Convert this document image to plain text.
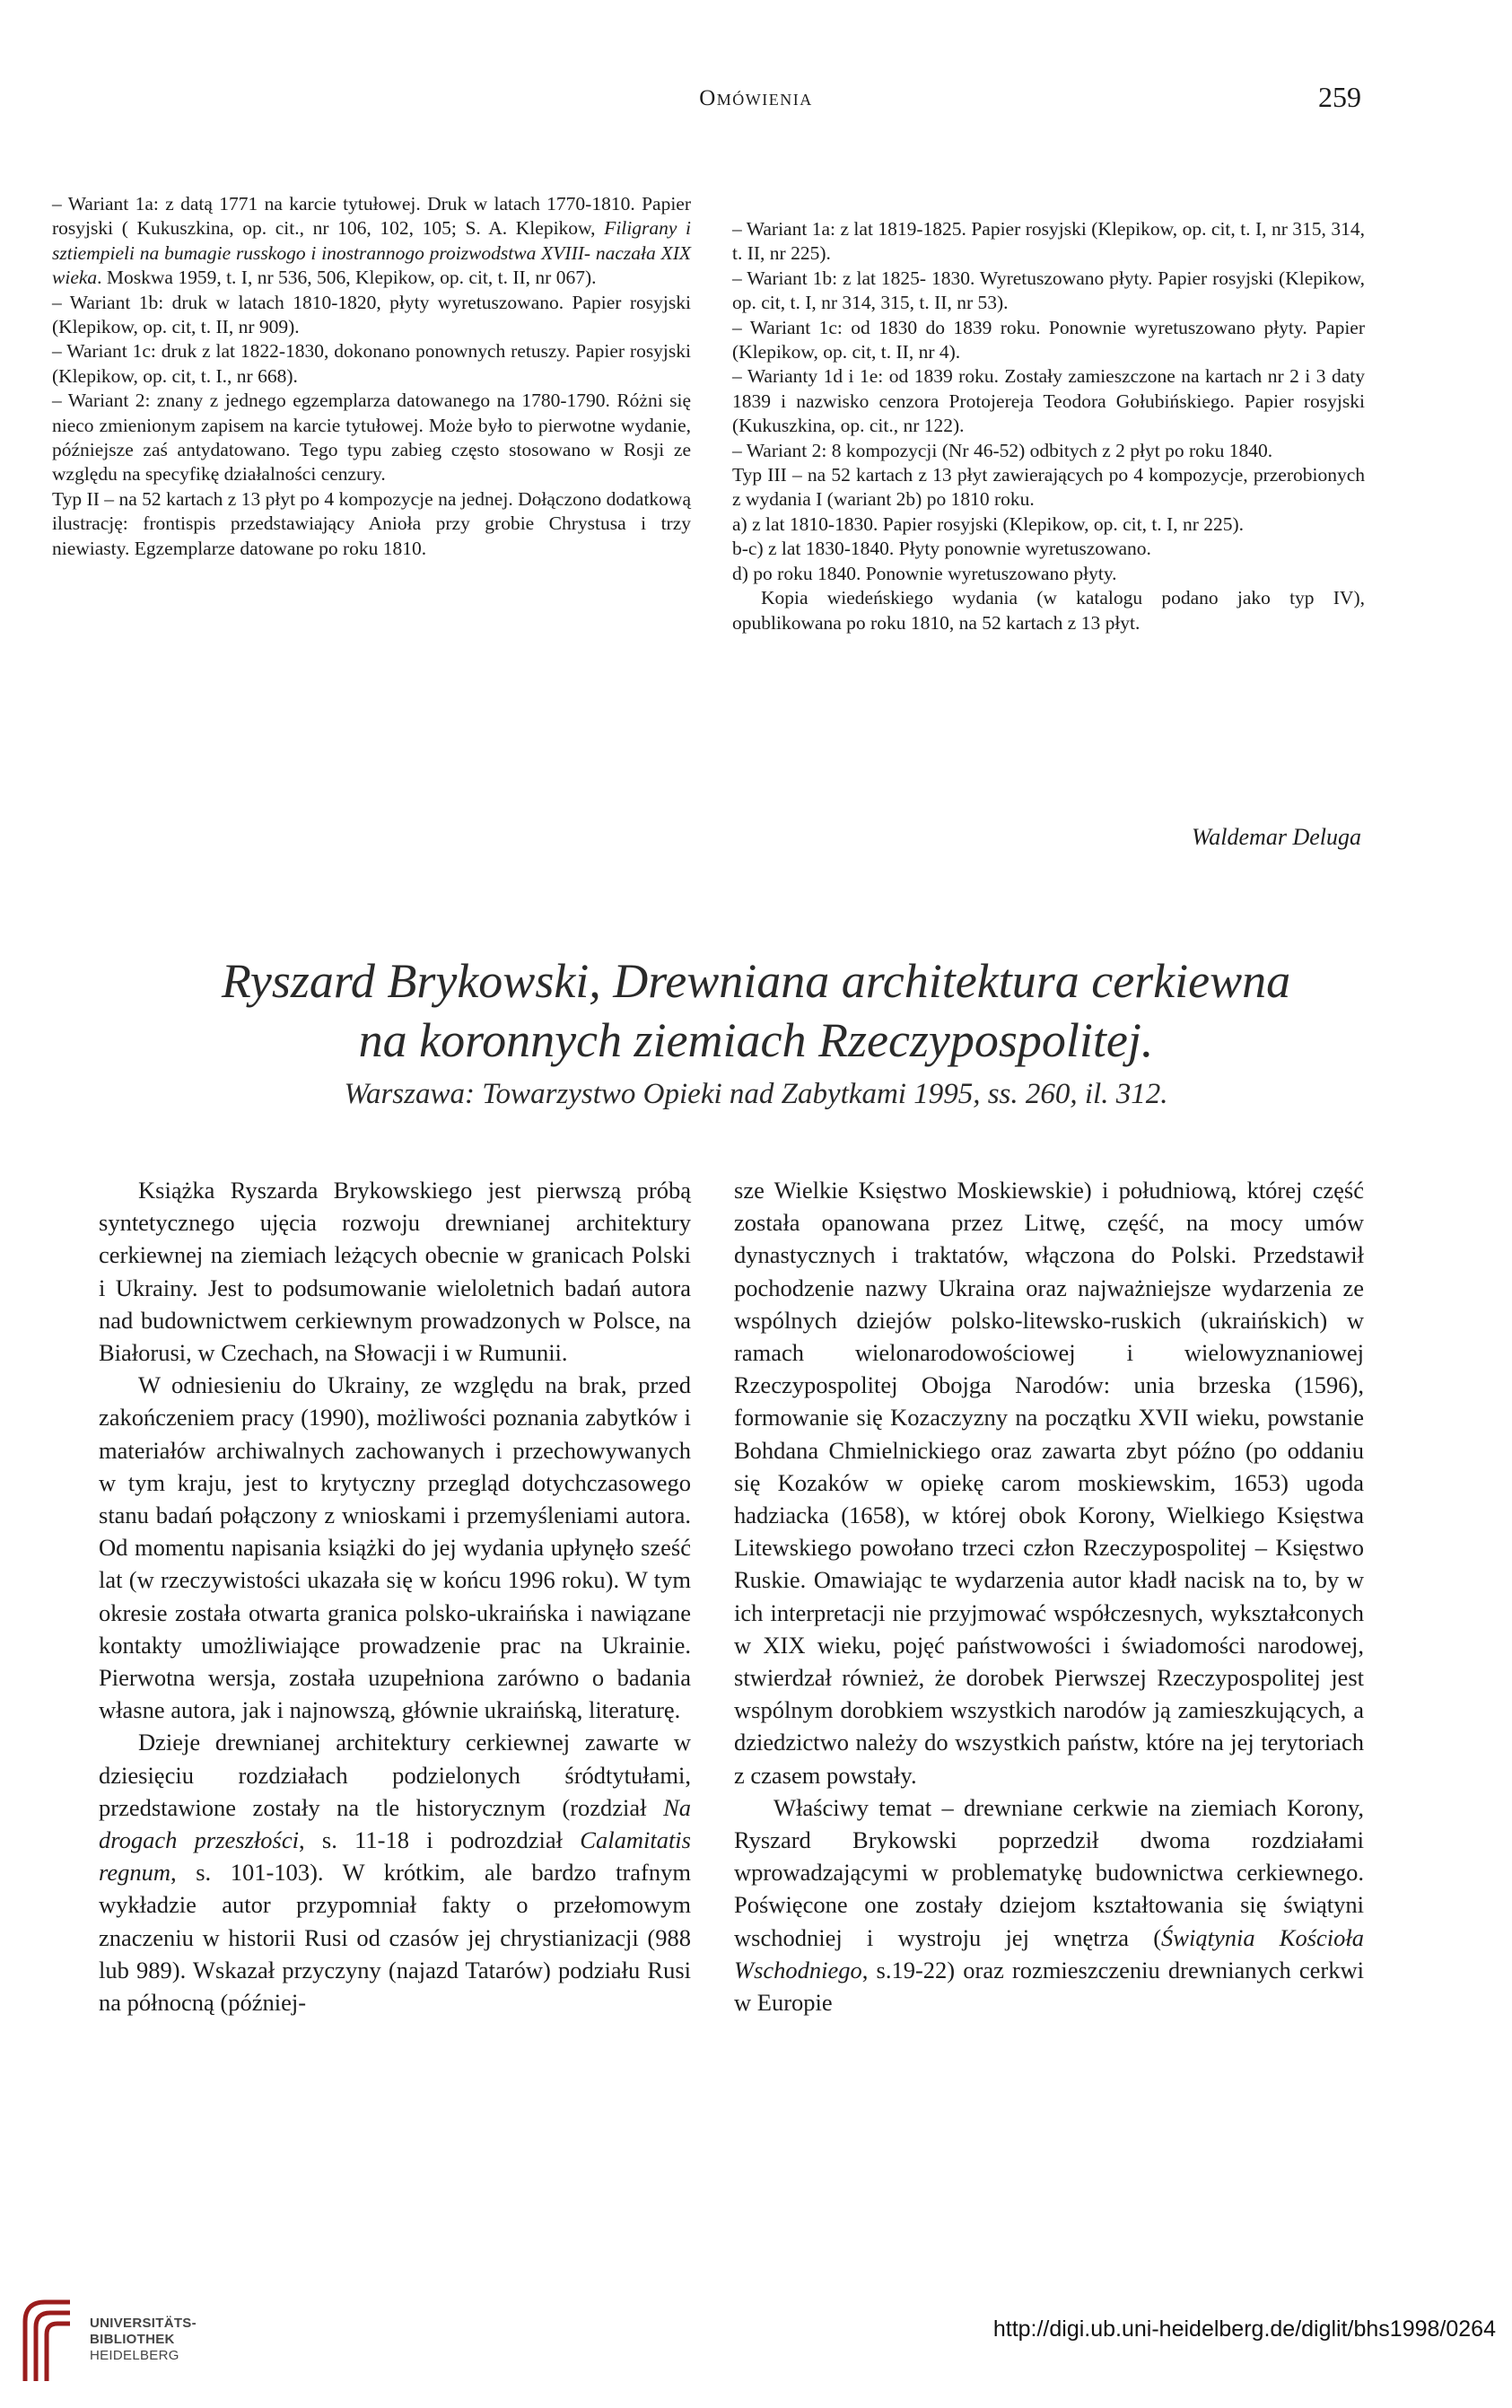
Omówienia	259

– Wariant 1a: z datą 1771 na karcie tytułowej. Druk w latach 1770-1810. Papier rosyjski ( Kukuszkina, op. cit., nr 106, 102, 105; S. A. Klepikow, Filigrany i sztiempieli na bumagie russkogo i inostrannogo proizwodstwa XVIII- naczała XIX wieka. Moskwa 1959, t. I, nr 536, 506, Klepikow, op. cit, t. II, nr 067).

– Wariant 1b: druk w latach 1810-1820, płyty wyretuszowano. Papier rosyjski (Klepikow, op. cit, t. II, nr 909).

– Wariant 1c: druk z lat 1822-1830, dokonano ponownych retuszy. Papier rosyjski (Klepikow, op. cit, t. I., nr 668).

– Wariant 2: znany z jednego egzemplarza datowanego na 1780-1790. Różni się nieco zmienionym zapisem na karcie tytułowej. Może było to pierwotne wydanie, późniejsze zaś antydatowano. Tego typu zabieg często stosowano w Rosji ze względu na specyfikę działalności cenzury.

Typ II – na 52 kartach z 13 płyt po 4 kompozycje na jednej. Dołączono dodatkową ilustrację: frontispis przedstawiający Anioła przy grobie Chrystusa i trzy niewiasty. Egzemplarze datowane po roku 1810.

– Wariant 1a: z lat 1819-1825. Papier rosyjski (Klepikow, op. cit, t. I, nr 315, 314, t. II, nr 225).

– Wariant 1b: z lat 1825- 1830. Wyretuszowano płyty. Papier rosyjski (Klepikow, op. cit, t. I, nr 314, 315, t. II, nr 53).

– Wariant 1c: od 1830 do 1839 roku. Ponownie wyretuszowano płyty. Papier (Klepikow, op. cit, t. II, nr 4).

– Warianty 1d i 1e: od 1839 roku. Zostały zamieszczone na kartach nr 2 i 3 daty 1839 i nazwisko cenzora Protojereja Teodora Gołubińskiego. Papier rosyjski (Kukuszkina, op. cit., nr 122).

– Wariant 2: 8 kompozycji (Nr 46-52) odbitych z 2 płyt po roku 1840.

Typ III – na 52 kartach z 13 płyt zawierających po 4 kompozycje, przerobionych z wydania I (wariant 2b) po 1810 roku.

a) z lat 1810-1830. Papier rosyjski (Klepikow, op. cit, t. I, nr 225).

b-c) z lat 1830-1840. Płyty ponownie wyretuszowano.

d) po roku 1840. Ponownie wyretuszowano płyty.

Kopia wiedeńskiego wydania (w katalogu podano jako typ IV), opublikowana po roku 1810, na 52 kartach z 13 płyt.

Waldemar Deluga
Ryszard Brykowski, Drewniana architektura cerkiewna
na koronnych ziemiach Rzeczypospolitej.
Warszawa: Towarzystwo Opieki nad Zabytkami 1995, ss. 260, il. 312.

Książka Ryszarda Brykowskiego jest pierwszą próbą syntetycznego ujęcia rozwoju drewnianej architektury cerkiewnej na ziemiach leżących obecnie w granicach Polski i Ukrainy. Jest to podsumowanie wieloletnich badań autora nad budownictwem cerkiewnym prowadzonych w Polsce, na Białorusi, w Czechach, na Słowacji i w Rumunii.

W odniesieniu do Ukrainy, ze względu na brak, przed zakończeniem pracy (1990), możliwości poznania zabytków i materiałów archiwalnych zachowanych i przechowywanych w tym kraju, jest to krytyczny przegląd dotychczasowego stanu badań połączony z wnioskami i przemyśleniami autora. Od momentu napisania książki do jej wydania upłynęło sześć lat (w rzeczywistości ukazała się w końcu 1996 roku). W tym okresie została otwarta granica polsko-ukraińska i nawiązane kontakty umożliwiające prowadzenie prac na Ukrainie. Pierwotna wersja, została uzupełniona zarówno o badania własne autora, jak i najnowszą, głównie ukraińską, literaturę.

Dzieje drewnianej architektury cerkiewnej zawarte w dziesięciu rozdziałach podzielonych śródtytułami, przedstawione zostały na tle historycznym (rozdział Na drogach przeszłości, s. 11-18 i podrozdział Calamitatis regnum, s. 101-103). W krótkim, ale bardzo trafnym wykładzie autor przypomniał fakty o przełomowym znaczeniu w historii Rusi od czasów jej chrystianizacji (988 lub 989). Wskazał przyczyny (najazd Tatarów) podziału Rusi na północną (później-

sze Wielkie Księstwo Moskiewskie) i południową, której część została opanowana przez Litwę, część, na mocy umów dynastycznych i traktatów, włączona do Polski. Przedstawił pochodzenie nazwy Ukraina oraz najważniejsze wydarzenia ze wspólnych dziejów polsko-litewsko-ruskich (ukraińskich) w ramach wielonarodowościowej i wielowyznaniowej Rzeczypospolitej Obojga Narodów: unia brzeska (1596), formowanie się Kozaczyzny na początku XVII wieku, powstanie Bohdana Chmielnickiego oraz zawarta zbyt późno (po oddaniu się Kozaków w opiekę carom moskiewskim, 1653) ugoda hadziacka (1658), w której obok Korony, Wielkiego Księstwa Litewskiego powołano trzeci człon Rzeczypospolitej – Księstwo Ruskie. Omawiając te wydarzenia autor kładł nacisk na to, by w ich interpretacji nie przyjmować współczesnych, wykształconych w XIX wieku, pojęć państwowości i świadomości narodowej, stwierdzał również, że dorobek Pierwszej Rzeczypospolitej jest wspólnym dorobkiem wszystkich narodów ją zamieszkujących, a dziedzictwo należy do wszystkich państw, które na jej terytoriach z czasem powstały.

Właściwy temat – drewniane cerkwie na ziemiach Korony, Ryszard Brykowski poprzedził dwoma rozdziałami wprowadzającymi w problematykę budownictwa cerkiewnego. Poświęcone one zostały dziejom kształtowania się świątyni wschodniej i wystroju jej wnętrza (Świątynia Kościoła Wschodniego, s.19-22) oraz rozmieszczeniu drewnianych cerkwi w Europie

UNIVERSITÄTS-
BIBLIOTHEK
HEIDELBERG
http://digi.ub.uni-heidelberg.de/diglit/bhs1998/0264
